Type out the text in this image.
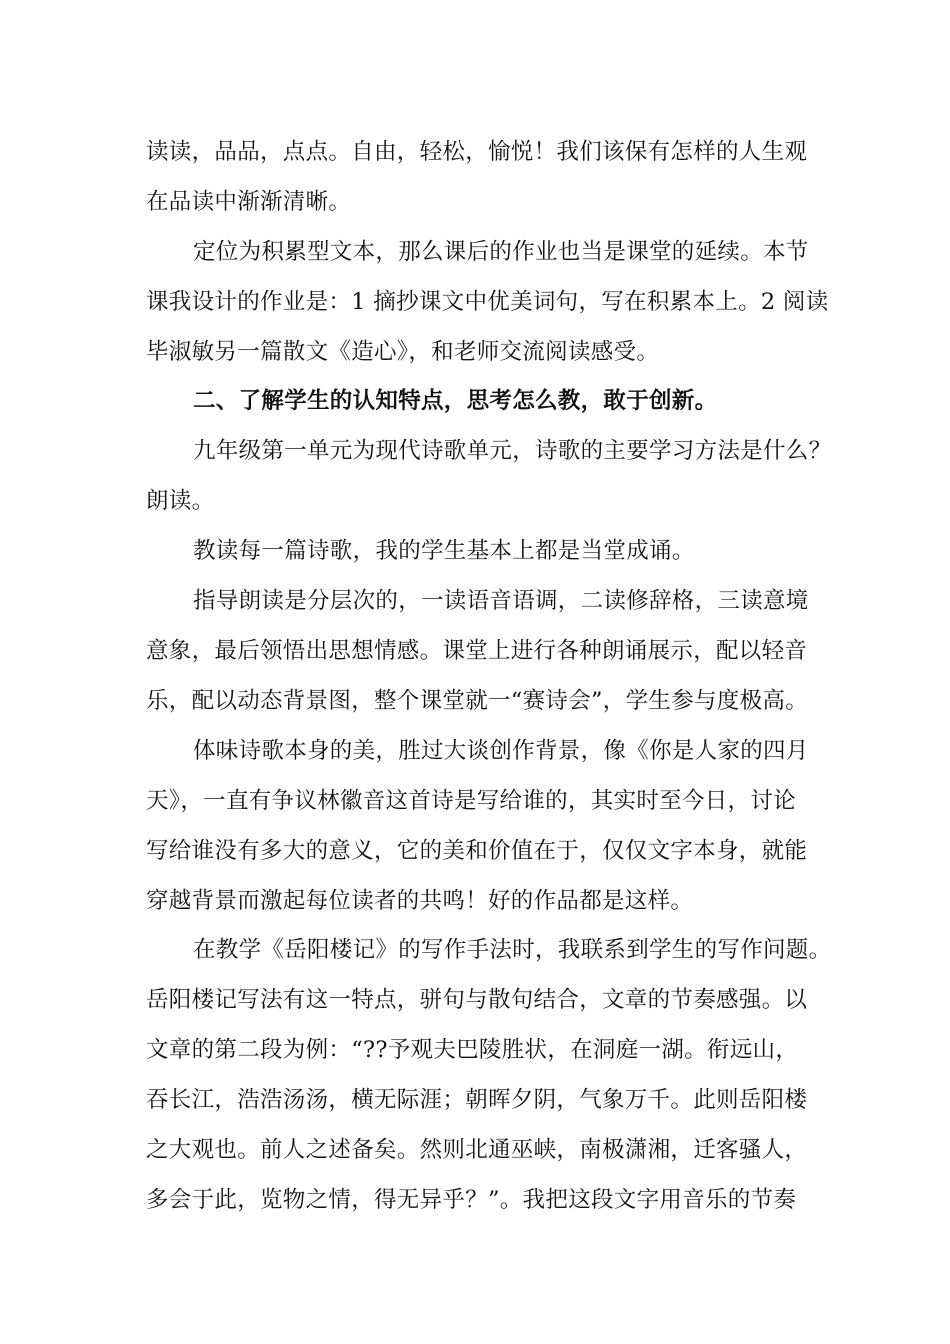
读读，品品，点点。自由，轻松，愉悦！我们该保有怎样的人生观
在品读中渐渐清晰。
定位为积累型文本，那么课后的作业也当是课堂的延续。本节
课我设计的作业是：1 摘抄课文中优美词句，写在积累本上。2 阅读
毕淑敏另一篇散文《造心》，和老师交流阅读感受。
二、了解学生的认知特点，思考怎么教，敢于创新。
九年级第一单元为现代诗歌单元，诗歌的主要学习方法是什么？
朗读。
教读每一篇诗歌，我的学生基本上都是当堂成诵。
指导朗读是分层次的，一读语音语调，二读修辞格，三读意境
意象，最后领悟出思想情感。课堂上进行各种朗诵展示，配以轻音
乐，配以动态背景图，整个课堂就一“赛诗会”，学生参与度极高。
体味诗歌本身的美，胜过大谈创作背景，像《你是人家的四月
天》，一直有争议林徽音这首诗是写给谁的，其实时至今日，讨论
写给谁没有多大的意义，它的美和价值在于，仅仅文字本身，就能
穿越背景而激起每位读者的共鸣！好的作品都是这样。
在教学《岳阳楼记》的写作手法时，我联系到学生的写作问题。
岳阳楼记写法有这一特点，骈句与散句结合，文章的节奏感强。以
文章的第二段为例：“??予观夫巴陵胜状，在洞庭一湖。衔远山，
吞长江，浩浩汤汤，横无际涯；朝晖夕阴，气象万千。此则岳阳楼
之大观也。前人之述备矣。然则北通巫峡，南极潇湘，迁客骚人，
多会于此，览物之情，得无异乎？”。我把这段文字用音乐的节奏
